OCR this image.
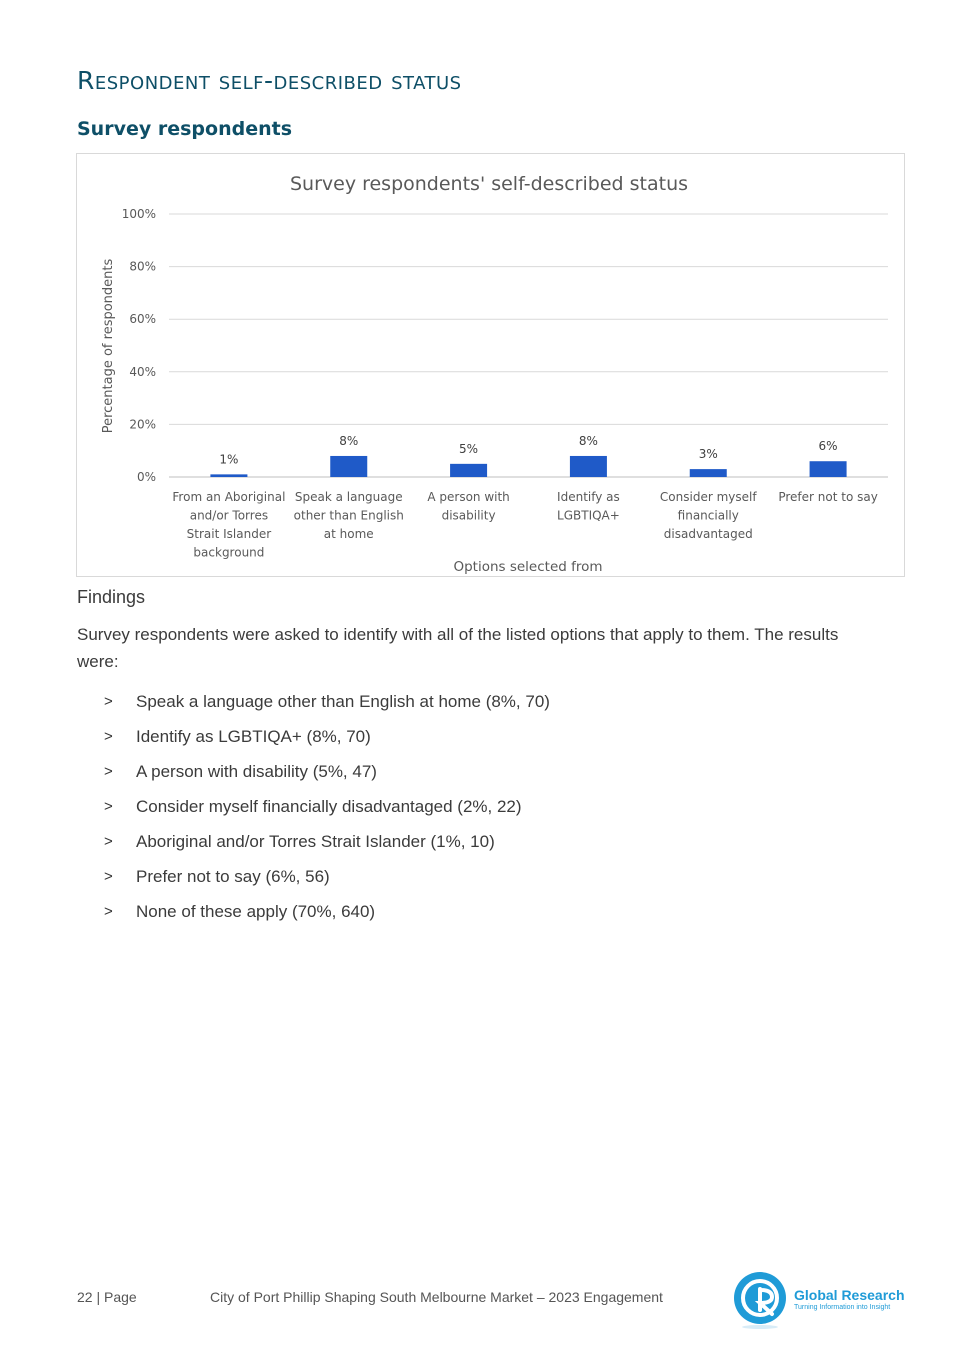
Respondent self-described status
Survey respondents
Survey respondents' self-described status
0%
20%
40%
60%
80%
100%
Percentage of respondents
1%
From an Aboriginal
and/or Torres
Strait Islander
background
8%
Speak a language
other than English
at home
5%
A person with
disability
8%
Identify as
LGBTIQA+
3%
Consider myself
financially
disadvantaged
6%
Prefer not to say
Options selected from
Findings
Survey respondents were asked to identify with all of the listed options that apply to them. The results were:
>	Speak a language other than English at home (8%, 70)
>	Identify as LGBTIQA+ (8%, 70)
>	A person with disability (5%, 47)
>	Consider myself financially disadvantaged (2%, 22)
>	Aboriginal and/or Torres Strait Islander (1%, 10)
>	Prefer not to say (6%, 56)
>	None of these apply (70%, 640)
22 | Page	City of Port Phillip Shaping South Melbourne Market – 2023 Engagement	Global Research
Turning Information into Insight
